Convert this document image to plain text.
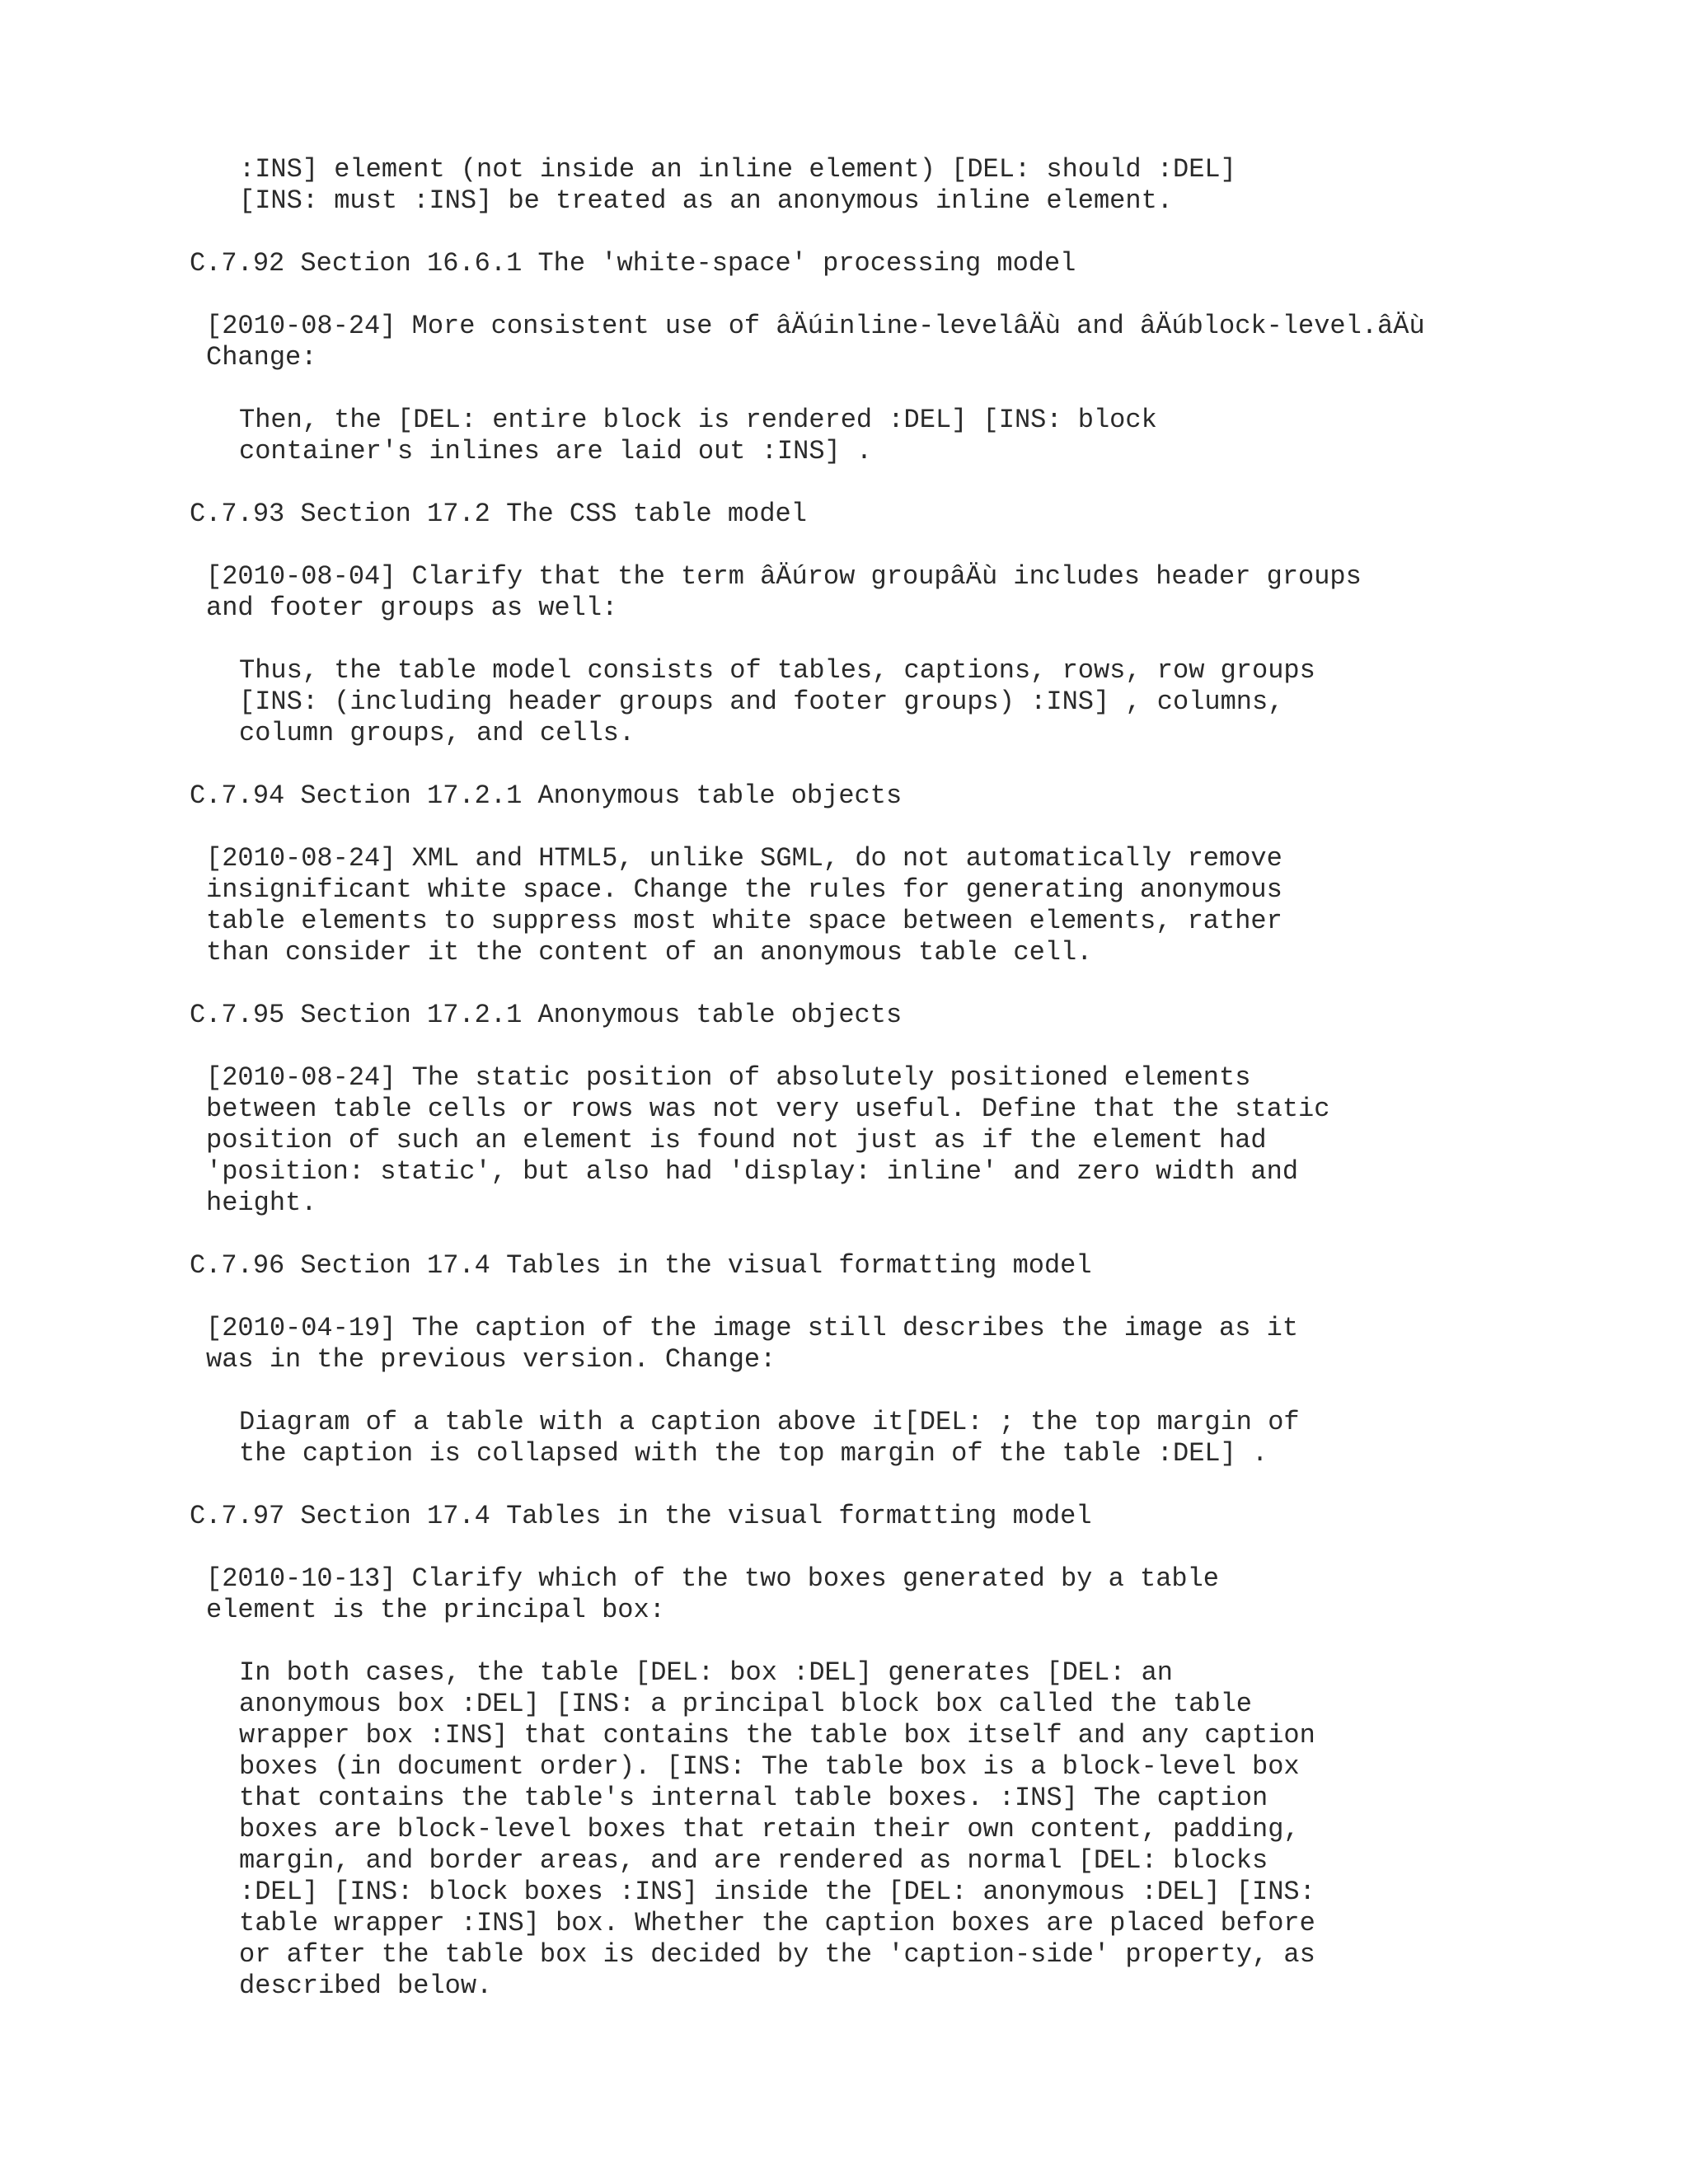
:INS] element (not inside an inline element) [DEL: should :DEL]

[INS: must :INS] be treated as an anonymous inline element.

C.7.92 Section 16.6.1 The 'white-space' processing model

[2010-08-24] More consistent use of âÄúinline-levelâÄù and âÄúblock-level.âÄù

Change:

Then, the [DEL: entire block is rendered :DEL] [INS: block

container's inlines are laid out :INS] .

C.7.93 Section 17.2 The CSS table model

[2010-08-04] Clarify that the term âÄúrow groupâÄù includes header groups

and footer groups as well:

Thus, the table model consists of tables, captions, rows, row groups

[INS: (including header groups and footer groups) :INS] , columns,

column groups, and cells.

C.7.94 Section 17.2.1 Anonymous table objects

[2010-08-24] XML and HTML5, unlike SGML, do not automatically remove

insignificant white space. Change the rules for generating anonymous

table elements to suppress most white space between elements, rather

than consider it the content of an anonymous table cell.

C.7.95 Section 17.2.1 Anonymous table objects

[2010-08-24] The static position of absolutely positioned elements

between table cells or rows was not very useful. Define that the static

position of such an element is found not just as if the element had

'position: static', but also had 'display: inline' and zero width and

height.

C.7.96 Section 17.4 Tables in the visual formatting model

[2010-04-19] The caption of the image still describes the image as it

was in the previous version. Change:

Diagram of a table with a caption above it[DEL: ; the top margin of

the caption is collapsed with the top margin of the table :DEL] .

C.7.97 Section 17.4 Tables in the visual formatting model

[2010-10-13] Clarify which of the two boxes generated by a table

element is the principal box:

In both cases, the table [DEL: box :DEL] generates [DEL: an

anonymous box :DEL] [INS: a principal block box called the table

wrapper box :INS] that contains the table box itself and any caption

boxes (in document order). [INS: The table box is a block-level box

that contains the table's internal table boxes. :INS] The caption

boxes are block-level boxes that retain their own content, padding,

margin, and border areas, and are rendered as normal [DEL: blocks

:DEL] [INS: block boxes :INS] inside the [DEL: anonymous :DEL] [INS:

table wrapper :INS] box. Whether the caption boxes are placed before

or after the table box is decided by the 'caption-side' property, as

described below.
